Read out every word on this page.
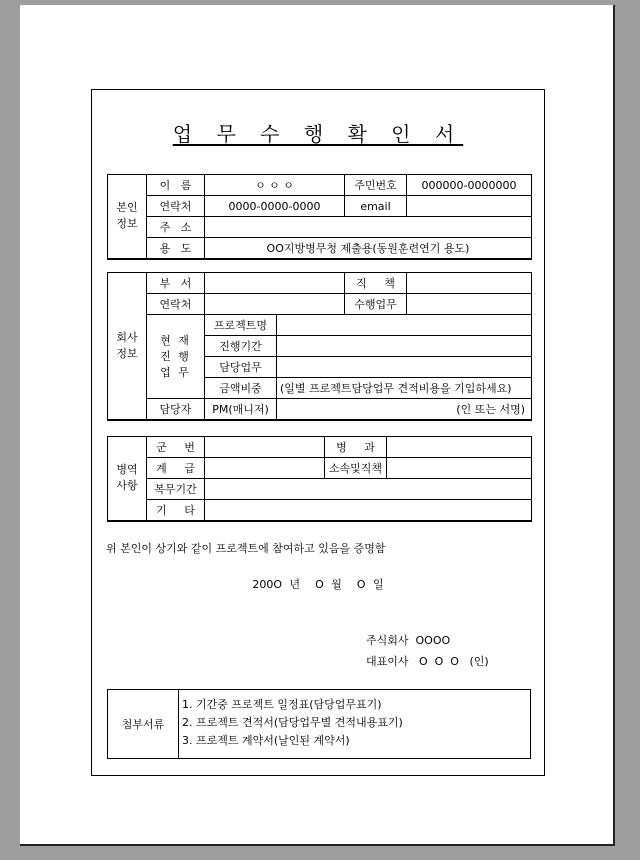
업 무 수 행 확 인 서
본인 정보	이   름	ㅇ ㅇ ㅇ	주민번호	000000-0000000
	연락처	0000-0000-0000	email	
	주   소			
	용   도	OO지방병무청 제출용(동원훈련연기 용도)		
회사 정보	부   서			직     책	
	연락처			수행업무	
	현 재 진 행 업 무	프로젝트명			
		진행기간			
		담당업무			
		금액비중	(일별 프로젝트담당업무 견적비용을 기입하세요)		
	담당자	PM(매니저)	(인 또는 서명)		
병역 사항	군     번		병     과	
	계     급		소속및직책	
	복무기간			
	기     타			
위 본인이 상기와 같이 프로젝트에 참여하고 있음을 증명함
200O 년  O 월  O 일
주식회사  OOOO
대표이사   O  O  O   (인)
첨부서류
1. 기간중 프로젝트 일정표(담당업무표기)
2. 프로젝트 견적서(담당업무별 견적내용표기)
3. 프로젝트 계약서(날인된 계약서)
